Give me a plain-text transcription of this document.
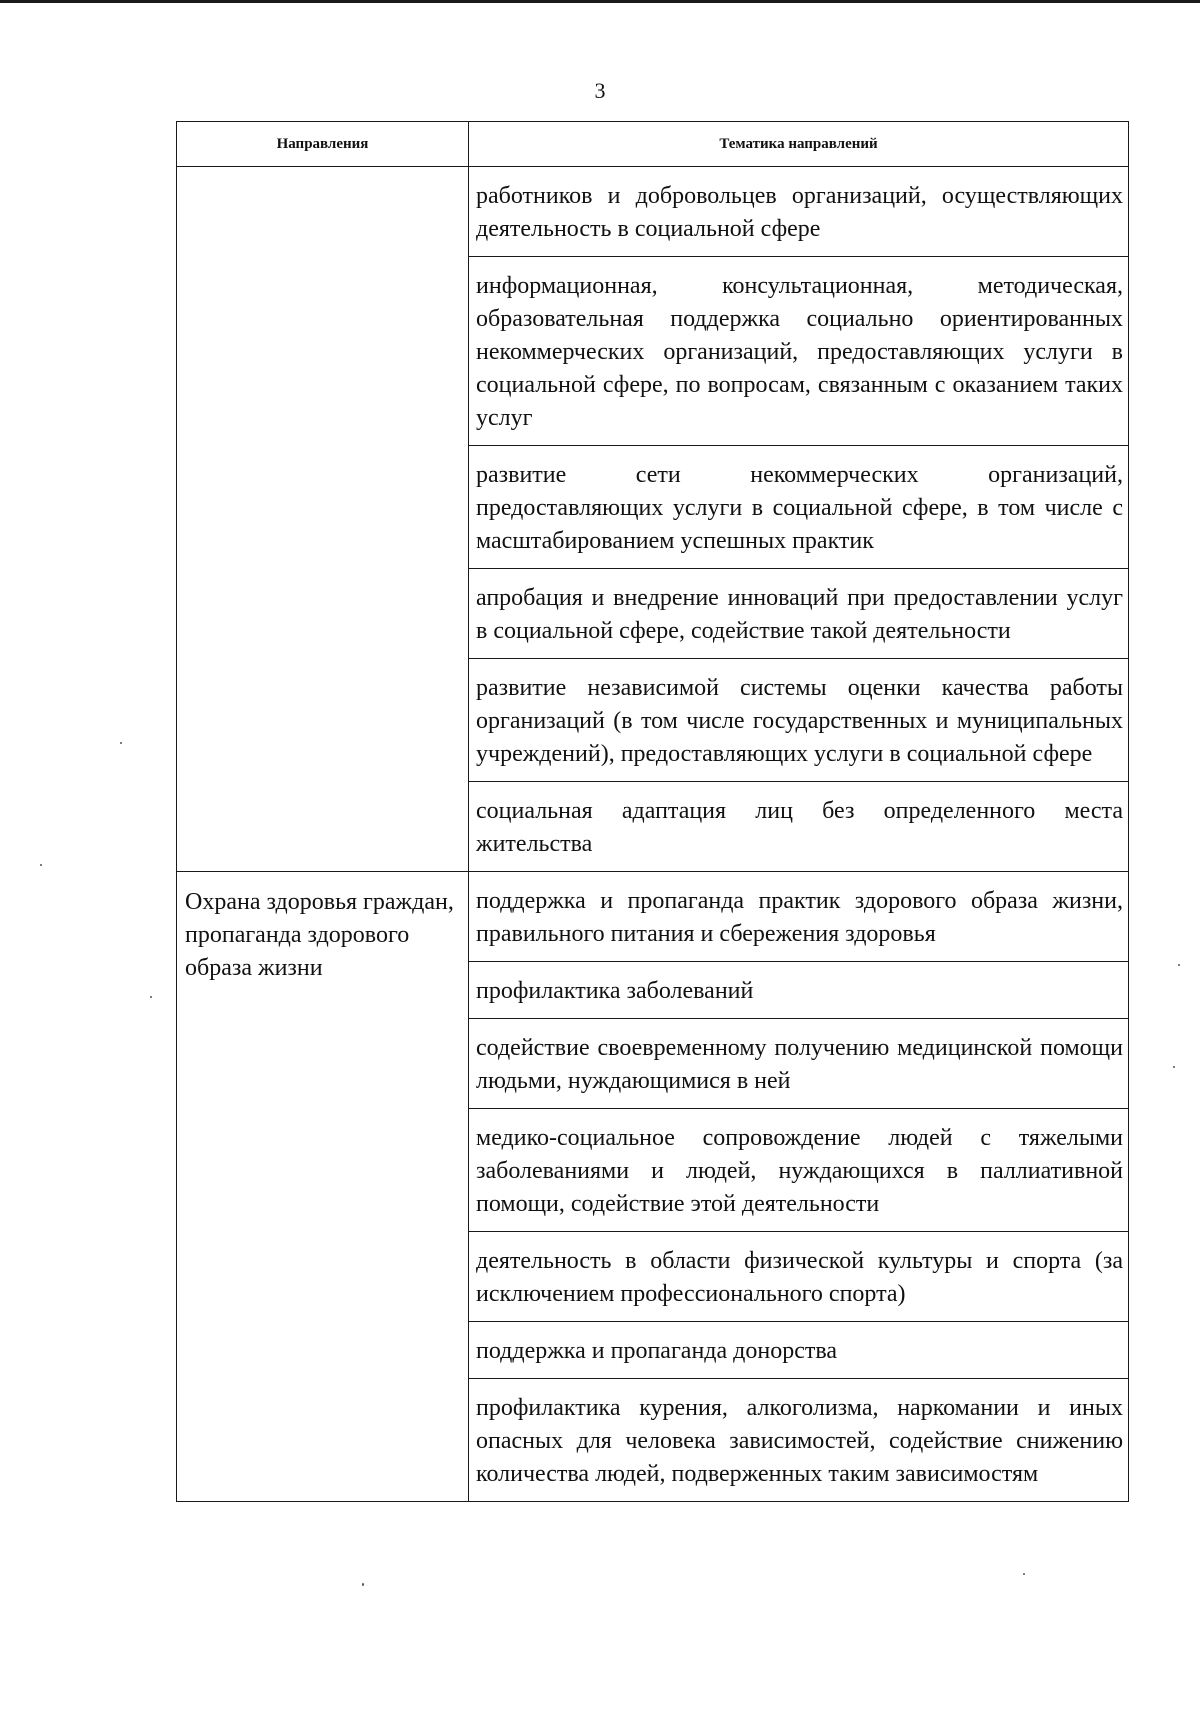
3
Направления	Тематика направлений
	работников и добровольцев организаций, осуществляющих деятельность в социальной сфере
	информационная, консультационная, методическая, образовательная поддержка социально ориентированных некоммерческих организаций, предоставляющих услуги в социальной сфере, по вопросам, связанным с оказанием таких услуг
	развитие сети некоммерческих организаций, предоставляющих услуги в социальной сфере, в том числе с масштабированием успешных практик
	апробация и внедрение инноваций при предоставлении услуг в социальной сфере, содействие такой деятельности
	развитие независимой системы оценки качества работы организаций (в том числе государственных и муниципальных учреждений), предоставляющих услуги в социальной сфере
	социальная адаптация лиц без определенного места жительства
Охрана здоровья граждан, пропаганда здорового образа жизни	поддержка и пропаганда практик здорового образа жизни, правильного питания и сбережения здоровья
	профилактика заболеваний
	содействие своевременному получению медицинской помощи людьми, нуждающимися в ней
	медико-социальное сопровождение людей с тяжелыми заболеваниями и людей, нуждающихся в паллиативной помощи, содействие этой деятельности
	деятельность в области физической культуры и спорта (за исключением профессионального спорта)
	поддержка и пропаганда донорства
	профилактика курения, алкоголизма, наркомании и иных опасных для человека зависимостей, содействие снижению количества людей, подверженных таким зависимостям
